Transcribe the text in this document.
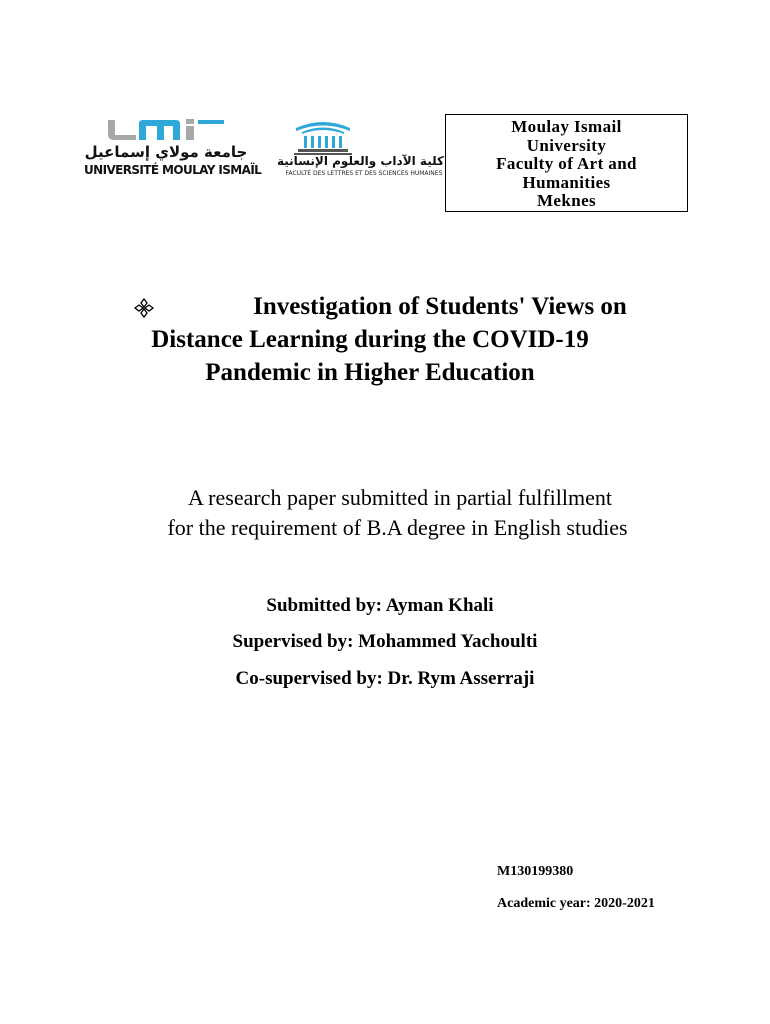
جامعة مولاي إسماعيل
UNIVERSITÉ MOULAY ISMAÏL
كلية الآداب والعلوم الإنسانية
FACULTÉ DES LETTRES ET DES SCIENCES HUMAINES
Moulay Ismail
University
Faculty of Art and
Humanities
Meknes
Investigation of Students' Views on
Distance Learning during the COVID-19
Pandemic in Higher Education
A research paper submitted in partial fulfillment
for the requirement of B.A degree in English studies
Submitted by: Ayman Khali
Supervised by: Mohammed Yachoulti
Co-supervised by: Dr. Rym Asserraji
M130199380
Academic year: 2020-2021
